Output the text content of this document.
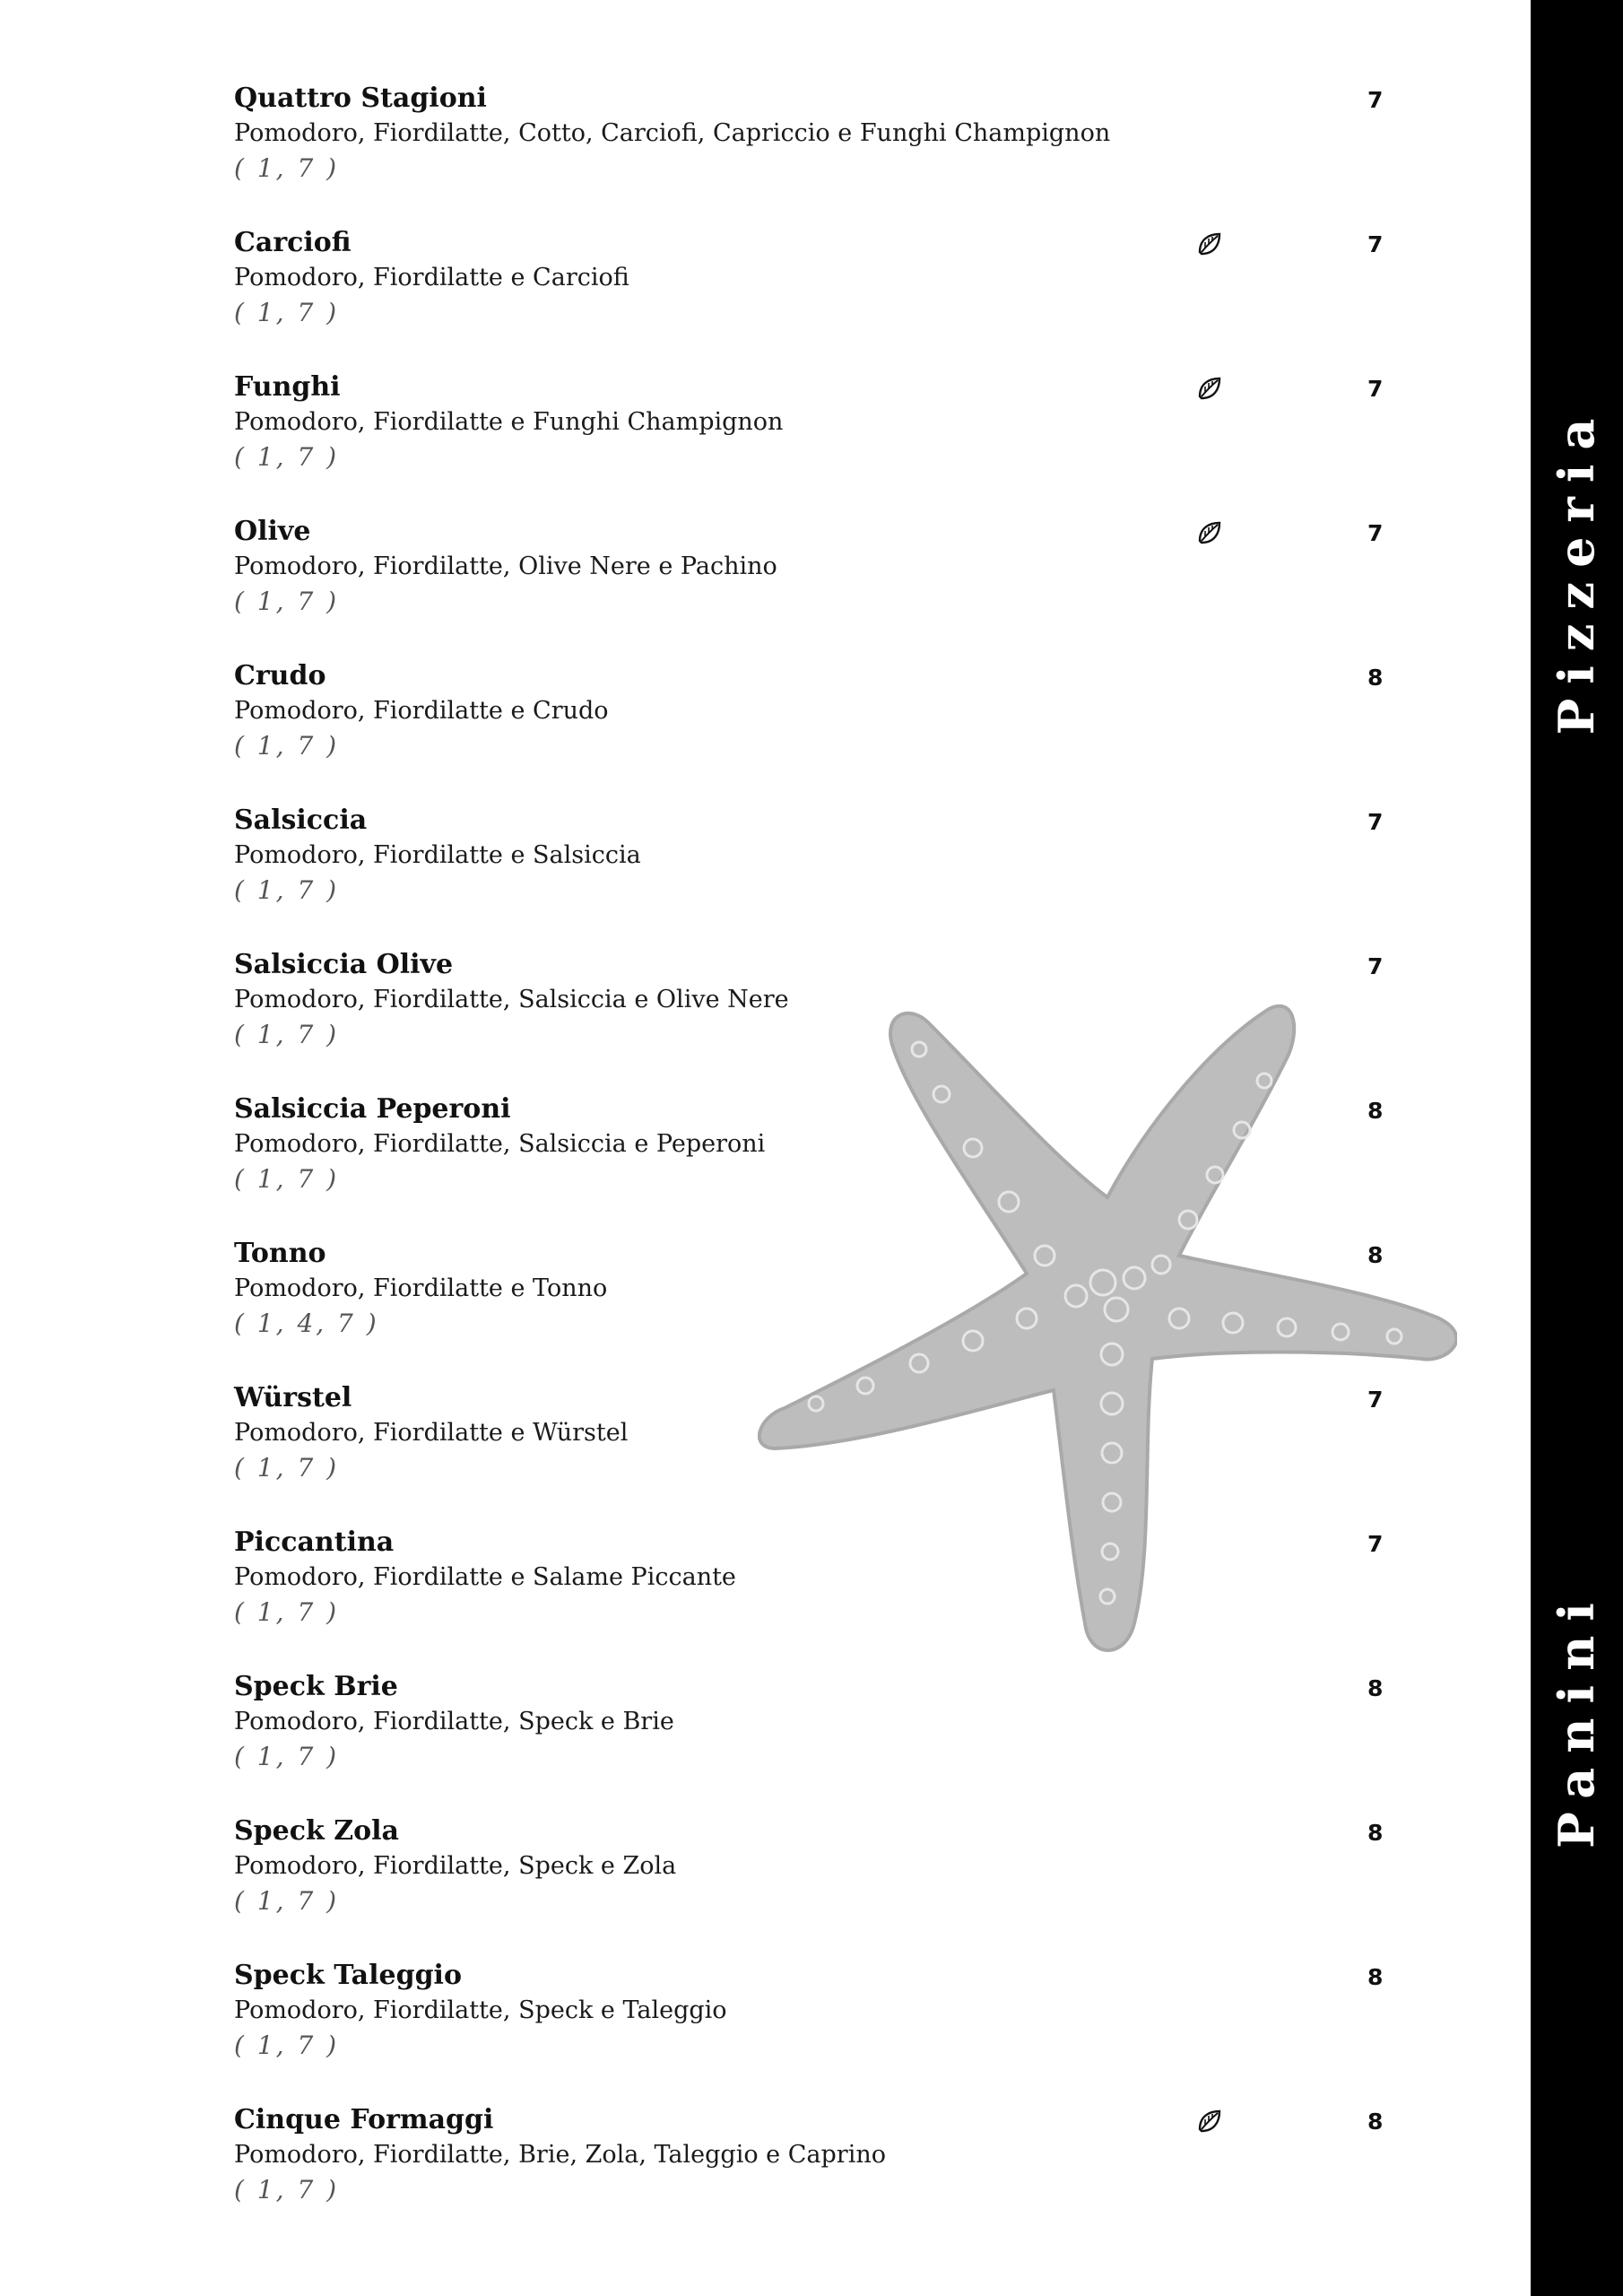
Pizzeria
Panini
Quattro Stagioni
Pomodoro, Fiordilatte, Cotto, Carciofi, Capriccio e Funghi Champignon
( 1, 7 )
7
Carciofi
Pomodoro, Fiordilatte e Carciofi
( 1, 7 )
7
Funghi
Pomodoro, Fiordilatte e Funghi Champignon
( 1, 7 )
7
Olive
Pomodoro, Fiordilatte, Olive Nere e Pachino
( 1, 7 )
7
Crudo
Pomodoro, Fiordilatte e Crudo
( 1, 7 )
8
Salsiccia
Pomodoro, Fiordilatte e Salsiccia
( 1, 7 )
7
Salsiccia Olive
Pomodoro, Fiordilatte, Salsiccia e Olive Nere
( 1, 7 )
7
Salsiccia Peperoni
Pomodoro, Fiordilatte, Salsiccia e Peperoni
( 1, 7 )
8
Tonno
Pomodoro, Fiordilatte e Tonno
( 1, 4, 7 )
8
Würstel
Pomodoro, Fiordilatte e Würstel
( 1, 7 )
7
Piccantina
Pomodoro, Fiordilatte e Salame Piccante
( 1, 7 )
7
Speck Brie
Pomodoro, Fiordilatte, Speck e Brie
( 1, 7 )
8
Speck Zola
Pomodoro, Fiordilatte, Speck e Zola
( 1, 7 )
8
Speck Taleggio
Pomodoro, Fiordilatte, Speck e Taleggio
( 1, 7 )
8
Cinque Formaggi
Pomodoro, Fiordilatte, Brie, Zola, Taleggio e Caprino
( 1, 7 )
8
